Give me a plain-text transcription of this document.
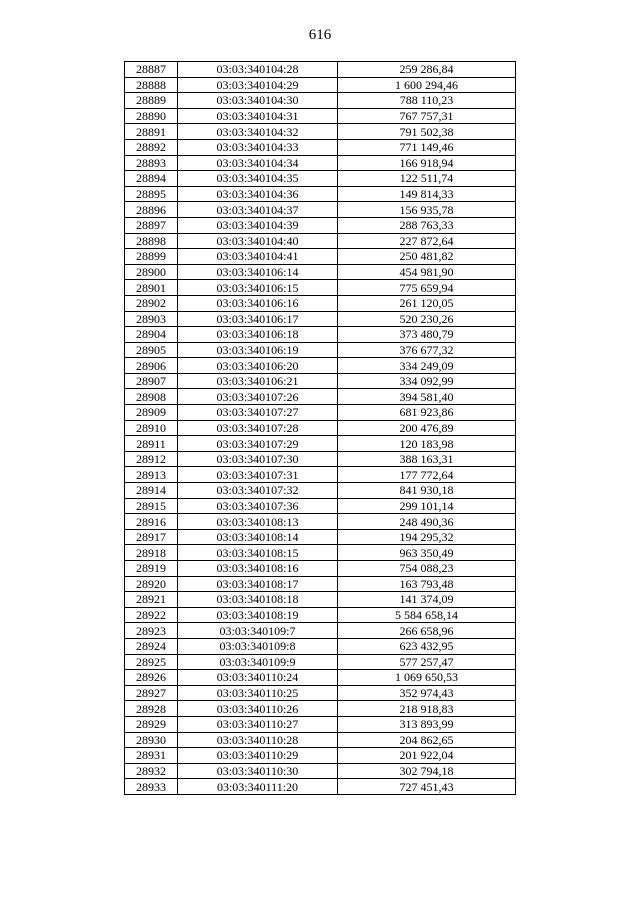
616
28887	03:03:340104:28	259 286,84
28888	03:03:340104:29	1 600 294,46
28889	03:03:340104:30	788 110,23
28890	03:03:340104:31	767 757,31
28891	03:03:340104:32	791 502,38
28892	03:03:340104:33	771 149,46
28893	03:03:340104:34	166 918,94
28894	03:03:340104:35	122 511,74
28895	03:03:340104:36	149 814,33
28896	03:03:340104:37	156 935,78
28897	03:03:340104:39	288 763,33
28898	03:03:340104:40	227 872,64
28899	03:03:340104:41	250 481,82
28900	03:03:340106:14	454 981,90
28901	03:03:340106:15	775 659,94
28902	03:03:340106:16	261 120,05
28903	03:03:340106:17	520 230,26
28904	03:03:340106:18	373 480,79
28905	03:03:340106:19	376 677,32
28906	03:03:340106:20	334 249,09
28907	03:03:340106:21	334 092,99
28908	03:03:340107:26	394 581,40
28909	03:03:340107:27	681 923,86
28910	03:03:340107:28	200 476,89
28911	03:03:340107:29	120 183,98
28912	03:03:340107:30	388 163,31
28913	03:03:340107:31	177 772,64
28914	03:03:340107:32	841 930,18
28915	03:03:340107:36	299 101,14
28916	03:03:340108:13	248 490,36
28917	03:03:340108:14	194 295,32
28918	03:03:340108:15	963 350,49
28919	03:03:340108:16	754 088,23
28920	03:03:340108:17	163 793,48
28921	03:03:340108:18	141 374,09
28922	03:03:340108:19	5 584 658,14
28923	03:03:340109:7	266 658,96
28924	03:03:340109:8	623 432,95
28925	03:03:340109:9	577 257,47
28926	03:03:340110:24	1 069 650,53
28927	03:03:340110:25	352 974,43
28928	03:03:340110:26	218 918,83
28929	03:03:340110:27	313 893,99
28930	03:03:340110:28	204 862,65
28931	03:03:340110:29	201 922,04
28932	03:03:340110:30	302 794,18
28933	03:03:340111:20	727 451,43
